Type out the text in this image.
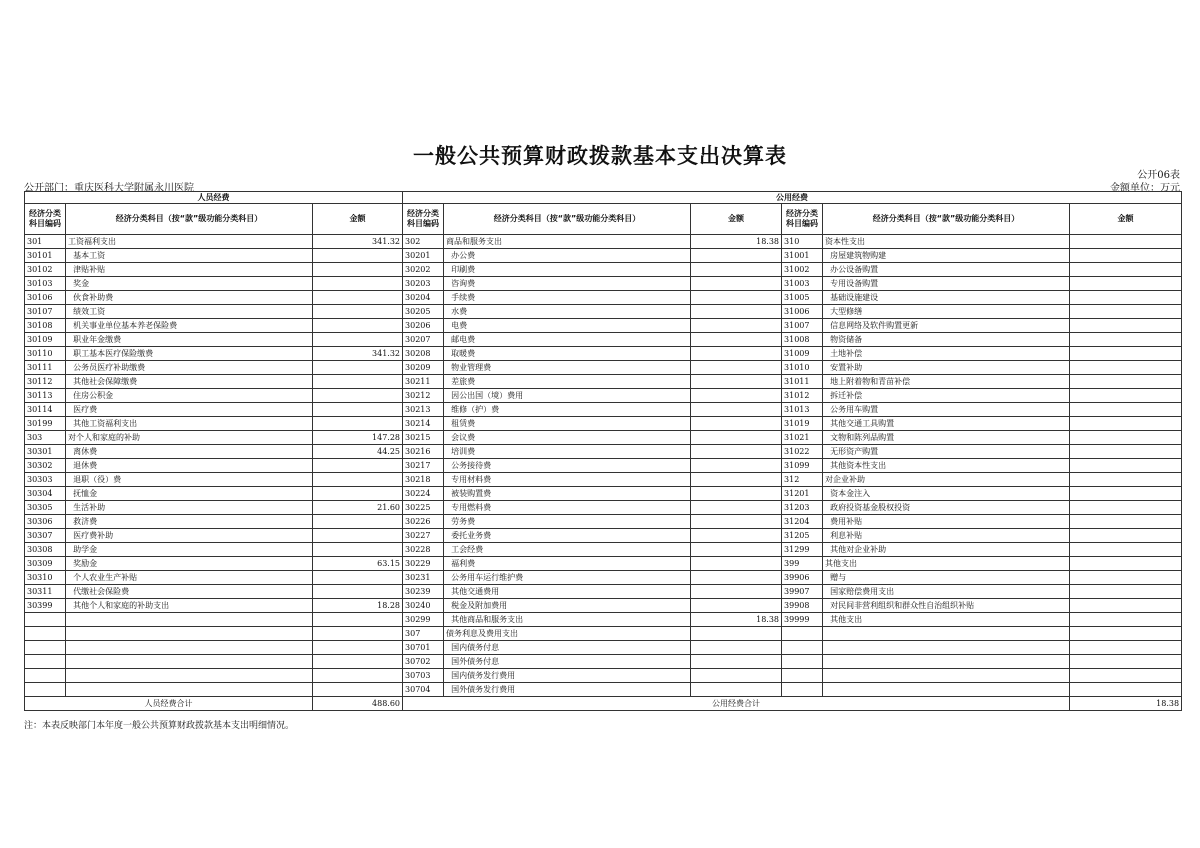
一般公共预算财政拨款基本支出决算表
公开06表
公开部门：重庆医科大学附属永川医院	金额单位：万元
人员经费			公用经费					
经济分类科目编码	经济分类科目（按“款”级功能分类科目）	金额	经济分类科目编码	经济分类科目（按“款”级功能分类科目）	金额	经济分类科目编码	经济分类科目（按“款”级功能分类科目）	金额
301	工资福利支出	341.32	302	商品和服务支出	18.38	310	资本性支出	
30101	基本工资		30201	办公费		31001	房屋建筑物购建	
30102	津贴补贴		30202	印刷费		31002	办公设备购置	
30103	奖金		30203	咨询费		31003	专用设备购置	
30106	伙食补助费		30204	手续费		31005	基础设施建设	
30107	绩效工资		30205	水费		31006	大型修缮	
30108	机关事业单位基本养老保险费		30206	电费		31007	信息网络及软件购置更新	
30109	职业年金缴费		30207	邮电费		31008	物资储备	
30110	职工基本医疗保险缴费	341.32	30208	取暖费		31009	土地补偿	
30111	公务员医疗补助缴费		30209	物业管理费		31010	安置补助	
30112	其他社会保障缴费		30211	差旅费		31011	地上附着物和青苗补偿	
30113	住房公积金		30212	因公出国（境）费用		31012	拆迁补偿	
30114	医疗费		30213	维修（护）费		31013	公务用车购置	
30199	其他工资福利支出		30214	租赁费		31019	其他交通工具购置	
303	对个人和家庭的补助	147.28	30215	会议费		31021	文物和陈列品购置	
30301	离休费	44.25	30216	培训费		31022	无形资产购置	
30302	退休费		30217	公务接待费		31099	其他资本性支出	
30303	退职（役）费		30218	专用材料费		312	对企业补助	
30304	抚恤金		30224	被装购置费		31201	资本金注入	
30305	生活补助	21.60	30225	专用燃料费		31203	政府投资基金股权投资	
30306	救济费		30226	劳务费		31204	费用补贴	
30307	医疗费补助		30227	委托业务费		31205	利息补贴	
30308	助学金		30228	工会经费		31299	其他对企业补助	
30309	奖励金	63.15	30229	福利费		399	其他支出	
30310	个人农业生产补贴		30231	公务用车运行维护费		39906	赠与	
30311	代缴社会保险费		30239	其他交通费用		39907	国家赔偿费用支出	
30399	其他个人和家庭的补助支出	18.28	30240	税金及附加费用		39908	对民间非营利组织和群众性自治组织补贴	
			30299	其他商品和服务支出	18.38	39999	其他支出	
			307	债务利息及费用支出				
			30701	国内债务付息				
			30702	国外债务付息				
			30703	国内债务发行费用				
			30704	国外债务发行费用				
人员经费合计		488.60	公用经费合计					18.38
注：本表反映部门本年度一般公共预算财政拨款基本支出明细情况。
